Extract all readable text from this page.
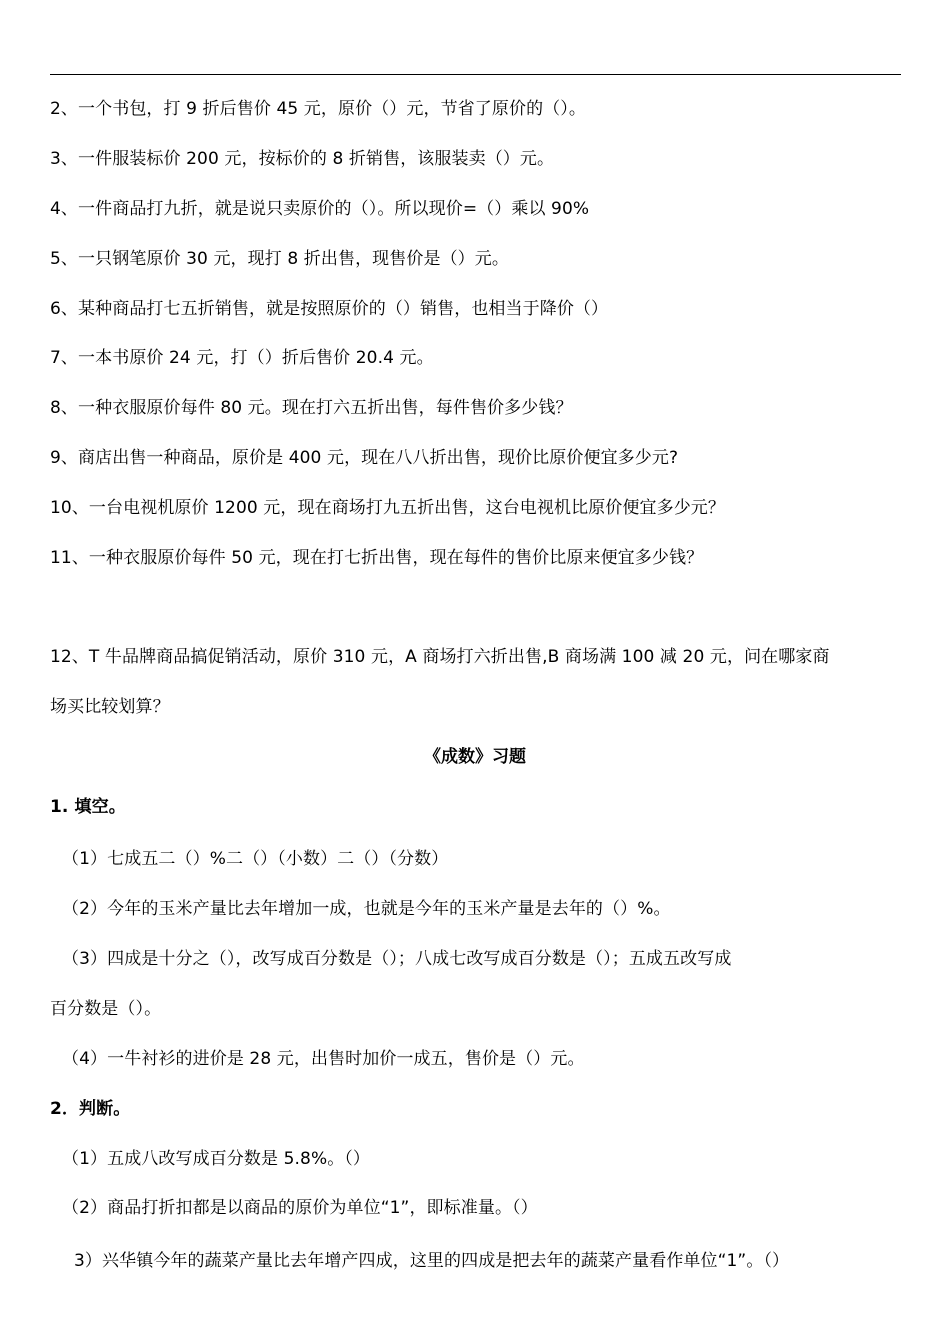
2、一个书包，打 9 折后售价 45 元，原价（）元，节省了原价的（）。
3、一件服装标价 200 元，按标价的 8 折销售，该服装卖（）元。
4、一件商品打九折，就是说只卖原价的（）。所以现价=（）乘以 90%
5、一只钢笔原价 30 元，现打 8 折出售，现售价是（）元。
6、某种商品打七五折销售，就是按照原价的（）销售，也相当于降价（）
7、一本书原价 24 元，打（）折后售价 20.4 元。
8、一种衣服原价每件 80 元。现在打六五折出售，每件售价多少钱？
9、商店出售一种商品，原价是 400 元，现在八八折出售，现价比原价便宜多少元?
10、一台电视机原价 1200 元，现在商场打九五折出售，这台电视机比原价便宜多少元？
11、一种衣服原价每件 50 元，现在打七折出售，现在每件的售价比原来便宜多少钱？
12、T 牛品牌商品搞促销活动，原价 310 元，A 商场打六折出售,B 商场满 100 减 20 元，问在哪家商
场买比较划算？
《成数》习题
1. 填空。
（1）七成五二（）%二（）（小数）二（）（分数）
（2）今年的玉米产量比去年增加一成，也就是今年的玉米产量是去年的（）%。
（3）四成是十分之（），改写成百分数是（）；八成七改写成百分数是（）；五成五改写成
百分数是（）。
（4）一牛衬衫的进价是 28 元，出售时加价一成五，售价是（）元。
2．判断。
（1）五成八改写成百分数是 5.8%。（）
（2）商品打折扣都是以商品的原价为单位“1”，即标准量。（）
3）兴华镇今年的蔬菜产量比去年增产四成，这里的四成是把去年的蔬菜产量看作单位“1”。（）
